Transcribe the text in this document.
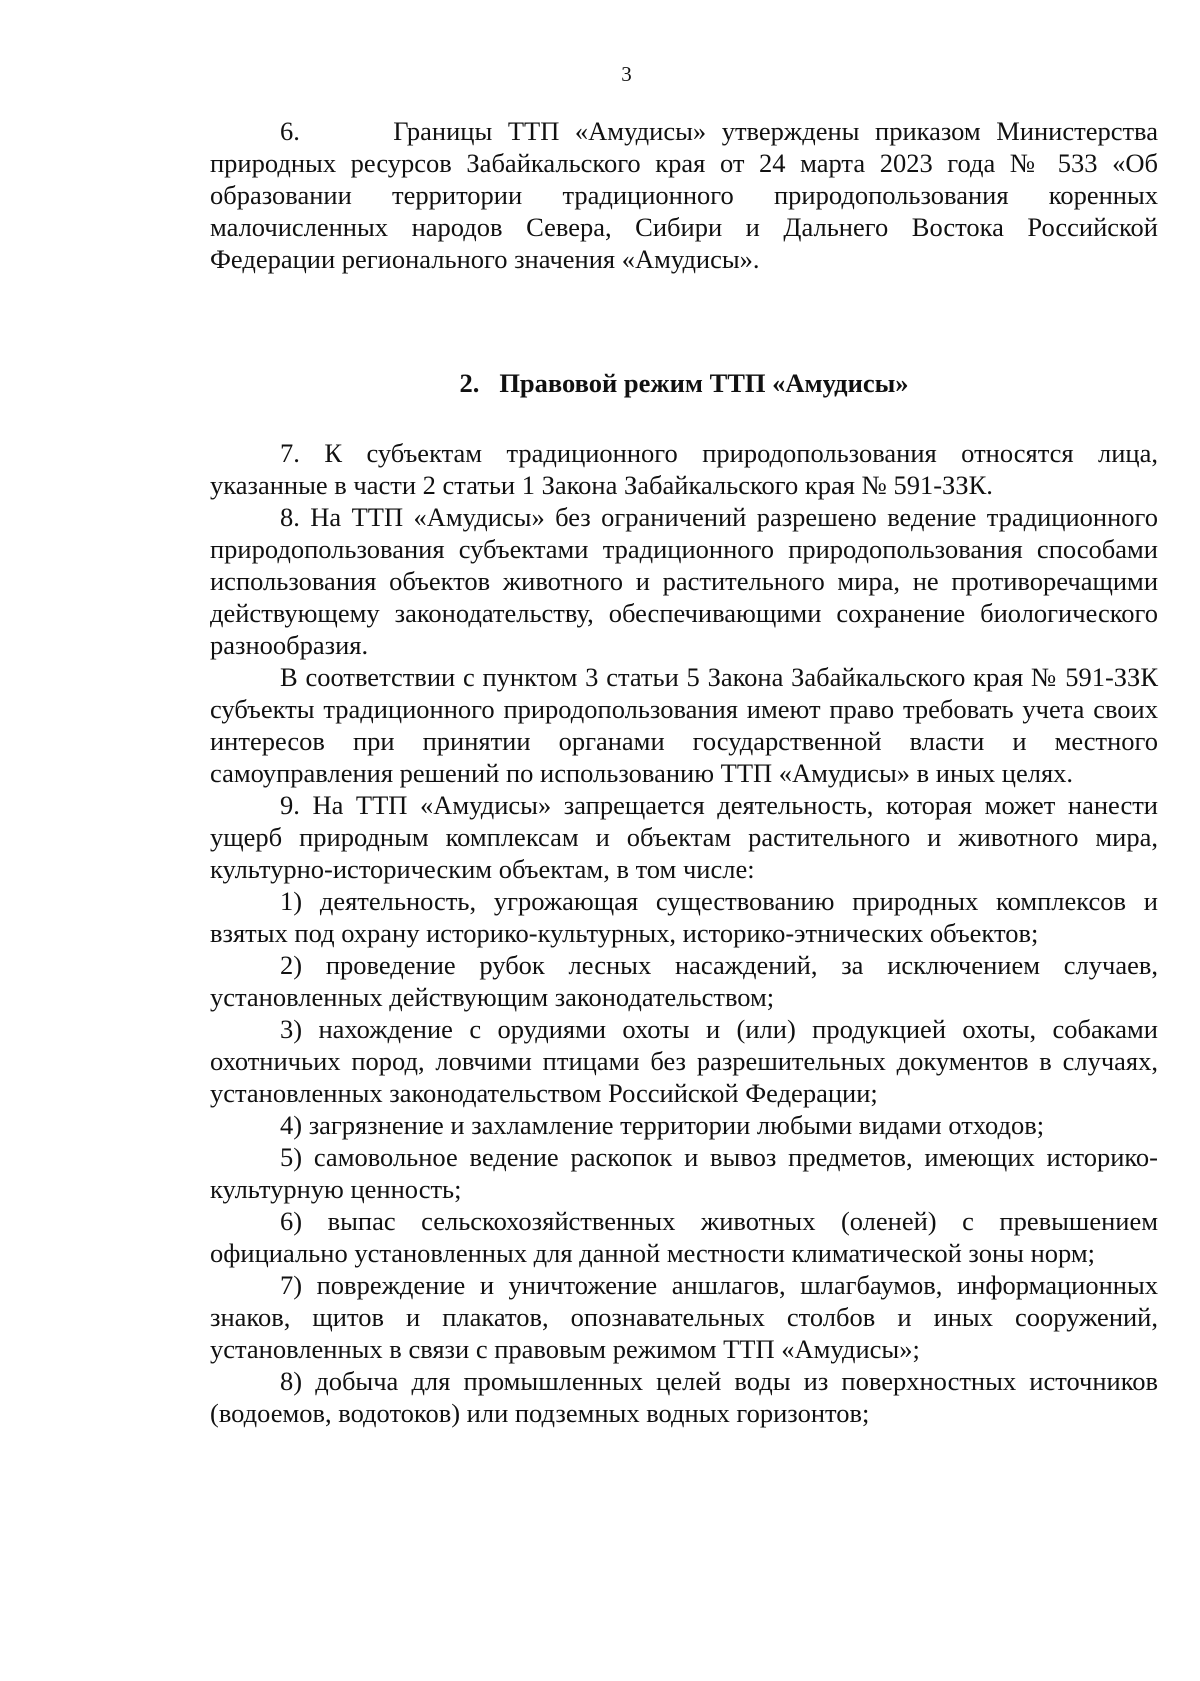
3

6.      Границы ТТП «Амудисы» утверждены приказом Министерства природных ресурсов Забайкальского края от 24 марта 2023 года № 533 «Об образовании территории традиционного природопользования коренных малочисленных народов Севера, Сибири и Дальнего Востока Российской Федерации регионального значения «Амудисы».

2. Правовой режим ТТП «Амудисы»

7. К субъектам традиционного природопользования относятся лица, указанные в части 2 статьи 1 Закона Забайкальского края № 591-ЗЗК.

8. На ТТП «Амудисы» без ограничений разрешено ведение традиционного природопользования субъектами традиционного природопользования способами использования объектов животного и растительного мира, не противоречащими действующему законодательству, обеспечивающими сохранение биологического разнообразия.

В соответствии с пунктом 3 статьи 5 Закона Забайкальского края № 591-ЗЗК субъекты традиционного природопользования имеют право требовать учета своих интересов при принятии органами государственной власти и местного самоуправления решений по использованию ТТП «Амудисы» в иных целях.

9. На ТТП «Амудисы» запрещается деятельность, которая может нанести ущерб природным комплексам и объектам растительного и животного мира, культурно-историческим объектам, в том числе:

1) деятельность, угрожающая существованию природных комплексов и взятых под охрану историко-культурных, историко-этнических объектов;

2) проведение рубок лесных насаждений, за исключением случаев, установленных действующим законодательством;

3) нахождение с орудиями охоты и (или) продукцией охоты, собаками охотничьих пород, ловчими птицами без разрешительных документов в случаях, установленных законодательством Российской Федерации;

4) загрязнение и захламление территории любыми видами отходов;

5) самовольное ведение раскопок и вывоз предметов, имеющих историко-культурную ценность;

6) выпас сельскохозяйственных животных (оленей) с превышением официально установленных для данной местности климатической зоны норм;

7) повреждение и уничтожение аншлагов, шлагбаумов, информационных знаков, щитов и плакатов, опознавательных столбов и иных сооружений, установленных в связи с правовым режимом ТТП «Амудисы»;

8) добыча для промышленных целей воды из поверхностных источников (водоемов, водотоков) или подземных водных горизонтов;
